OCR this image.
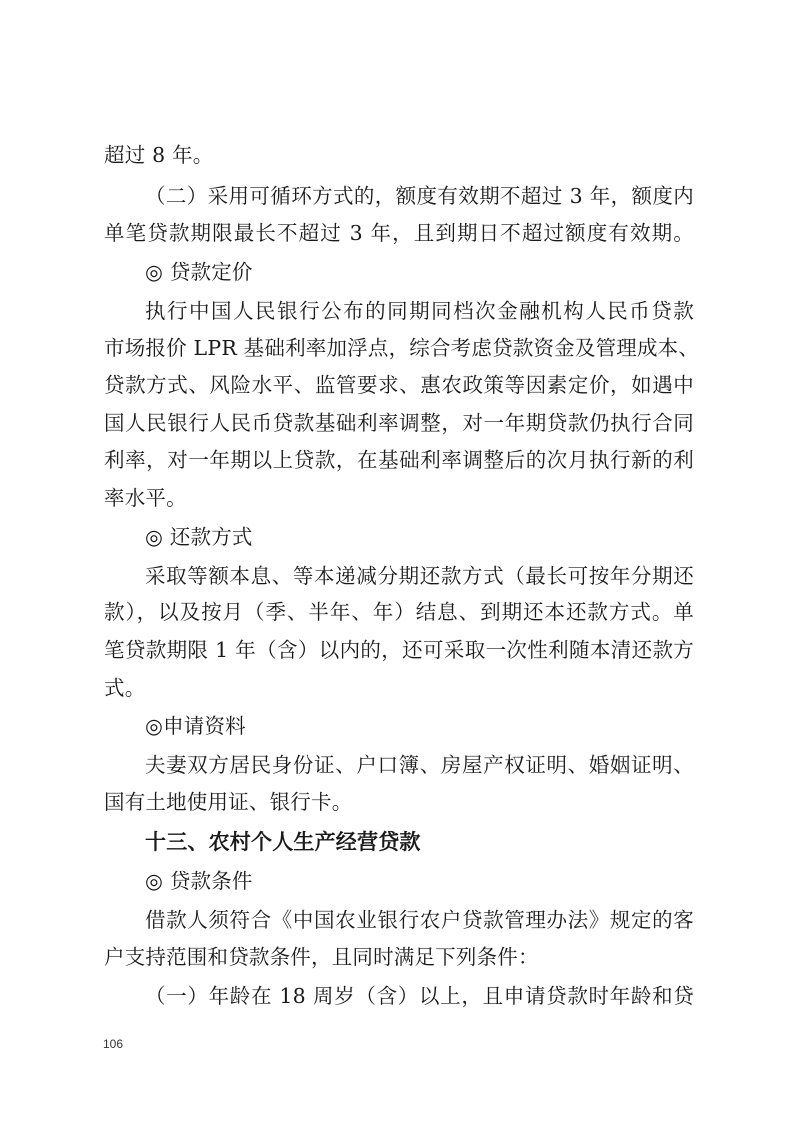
超过 8 年。
（二）采用可循环方式的，额度有效期不超过 3 年，额度内
单笔贷款期限最长不超过 3 年，且到期日不超过额度有效期。
◎ 贷款定价
执行中国人民银行公布的同期同档次金融机构人民币贷款
市场报价 LPR 基础利率加浮点，综合考虑贷款资金及管理成本、
贷款方式、风险水平、监管要求、惠农政策等因素定价，如遇中
国人民银行人民币贷款基础利率调整，对一年期贷款仍执行合同
利率，对一年期以上贷款，在基础利率调整后的次月执行新的利
率水平。
◎ 还款方式
采取等额本息、等本递减分期还款方式（最长可按年分期还
款），以及按月（季、半年、年）结息、到期还本还款方式。单
笔贷款期限 1 年（含）以内的，还可采取一次性利随本清还款方
式。
◎申请资料
夫妻双方居民身份证、户口簿、房屋产权证明、婚姻证明、
国有土地使用证、银行卡。
十三、农村个人生产经营贷款
◎ 贷款条件
借款人须符合《中国农业银行农户贷款管理办法》规定的客
户支持范围和贷款条件，且同时满足下列条件：
（一）年龄在 18 周岁（含）以上，且申请贷款时年龄和贷
106
